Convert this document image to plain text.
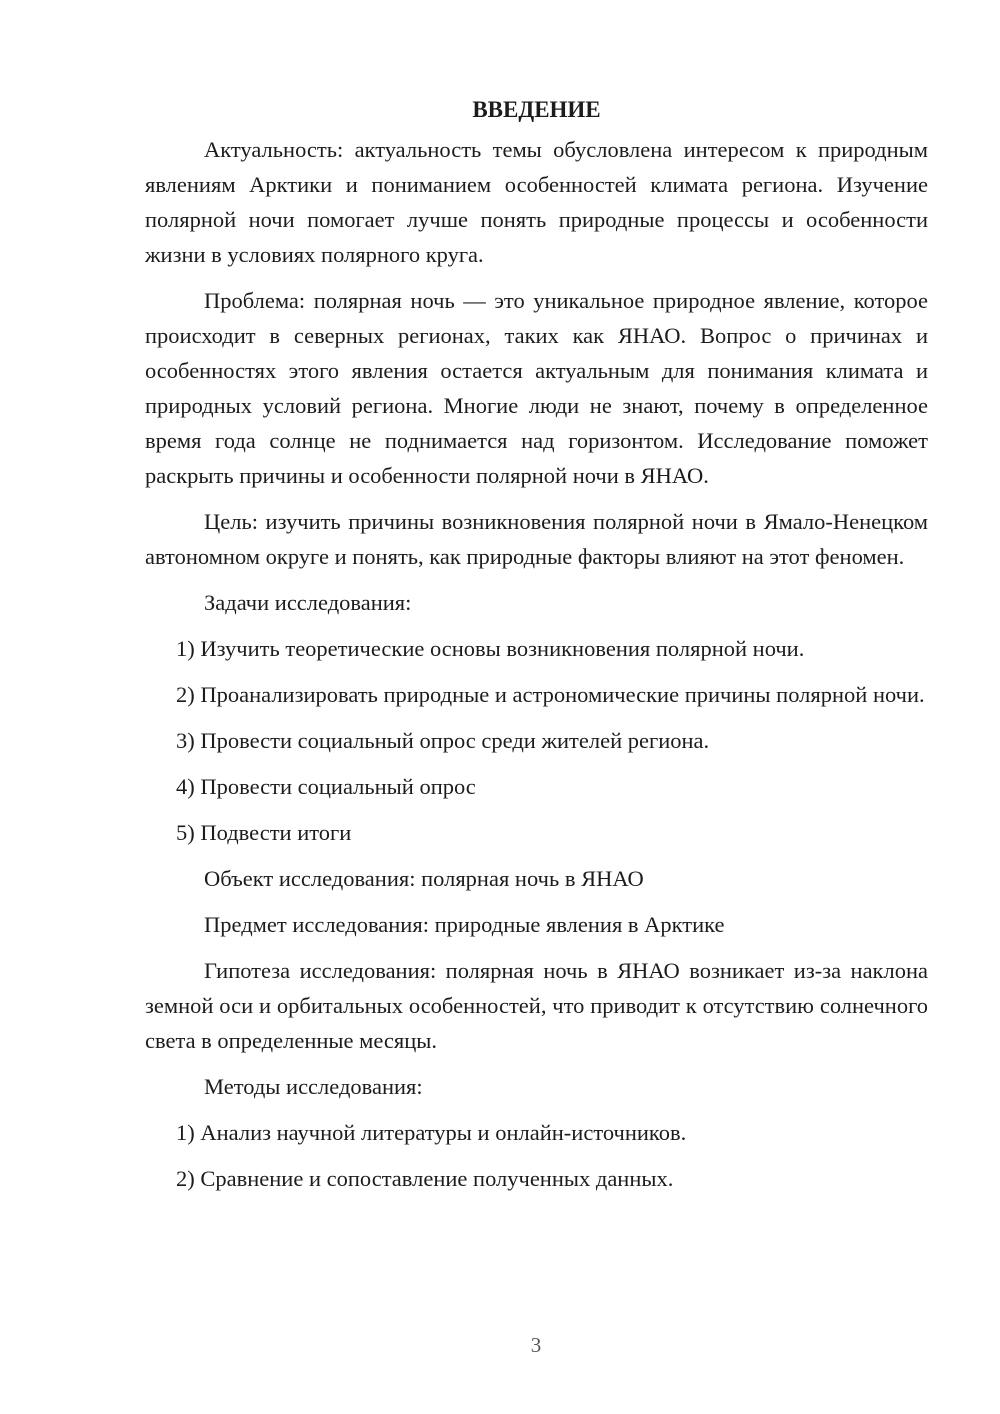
ВВЕДЕНИЕ

Актуальность: актуальность темы обусловлена интересом к природным явлениям Арктики и пониманием особенностей климата региона. Изучение полярной ночи помогает лучше понять природные процессы и особенности жизни в условиях полярного круга.

Проблема: полярная ночь — это уникальное природное явление, которое происходит в северных регионах, таких как ЯНАО. Вопрос о причинах и особенностях этого явления остается актуальным для понимания климата и природных условий региона. Многие люди не знают, почему в определенное время года солнце не поднимается над горизонтом. Исследование поможет раскрыть причины и особенности полярной ночи в ЯНАО.

Цель: изучить причины возникновения полярной ночи в Ямало-Ненецком автономном округе и понять, как природные факторы влияют на этот феномен.

Задачи исследования:

1) Изучить теоретические основы возникновения полярной ночи.

2) Проанализировать природные и астрономические причины полярной ночи.

3) Провести социальный опрос среди жителей региона.

4) Провести социальный опрос

5) Подвести итоги

Объект исследования: полярная ночь в ЯНАО

Предмет исследования: природные явления в Арктике

Гипотеза исследования: полярная ночь в ЯНАО возникает из-за наклона земной оси и орбитальных особенностей, что приводит к отсутствию солнечного света в определенные месяцы.

Методы исследования:

1) Анализ научной литературы и онлайн-источников.

2) Сравнение и сопоставление полученных данных.

3
